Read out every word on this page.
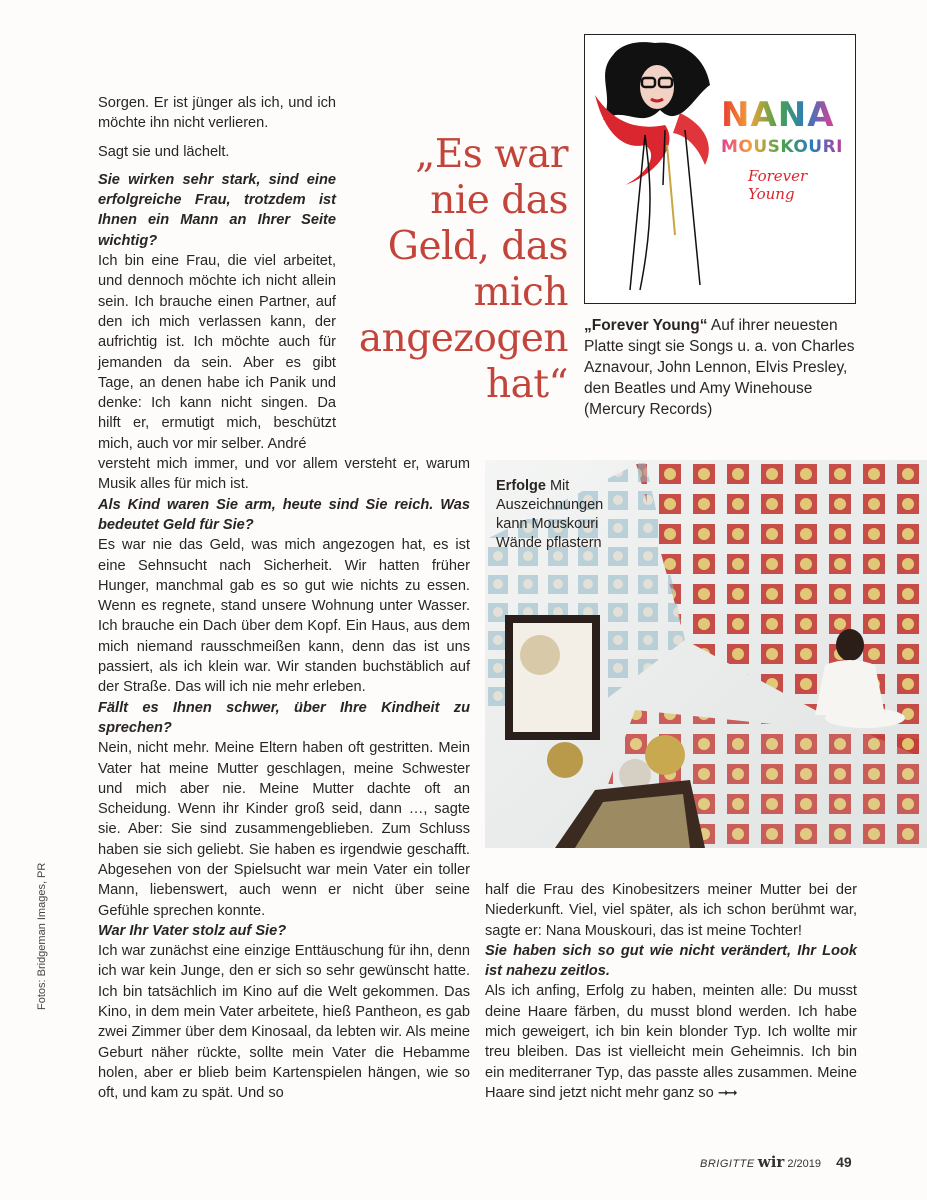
Fotos: Bridgeman Images, PR

Sorgen. Er ist jünger als ich, und ich möchte ihn nicht verlieren.

Sagt sie und lächelt.

Sie wirken sehr stark, sind eine erfolgreiche Frau, trotzdem ist Ihnen ein Mann an Ihrer Seite wichtig?

Ich bin eine Frau, die viel arbeitet, und dennoch möchte ich nicht allein sein. Ich brauche einen Partner, auf den ich mich verlassen kann, der aufrichtig ist. Ich möchte auch für jemanden da sein. Aber es gibt Tage, an denen habe ich Panik und denke: Ich kann nicht singen. Da hilft er, ermutigt mich, beschützt mich, auch vor mir selber. André

versteht mich immer, und vor allem versteht er, warum Musik alles für mich ist.

Als Kind waren Sie arm, heute sind Sie reich. Was bedeutet Geld für Sie?

Es war nie das Geld, was mich angezogen hat, es ist eine Sehnsucht nach Sicherheit. Wir hatten früher Hunger, manchmal gab es so gut wie nichts zu essen. Wenn es regnete, stand unsere Wohnung unter Wasser. Ich brauche ein Dach über dem Kopf. Ein Haus, aus dem mich niemand rausschmeißen kann, denn das ist uns passiert, als ich klein war. Wir standen buchstäblich auf der Straße. Das will ich nie mehr erleben.

Fällt es Ihnen schwer, über Ihre Kindheit zu sprechen?

Nein, nicht mehr. Meine Eltern haben oft gestritten. Mein Vater hat meine Mutter geschlagen, meine Schwester und mich aber nie. Meine Mutter dachte oft an Scheidung. Wenn ihr Kinder groß seid, dann …, sagte sie. Aber: Sie sind zusammengeblieben. Zum Schluss haben sie sich geliebt. Sie haben es irgendwie geschafft. Abgesehen von der Spielsucht war mein Vater ein toller Mann, liebenswert, auch wenn er nicht über seine Gefühle sprechen konnte.

War Ihr Vater stolz auf Sie?

Ich war zunächst eine einzige Enttäuschung für ihn, denn ich war kein Junge, den er sich so sehr gewünscht hatte. Ich bin tatsächlich im Kino auf die Welt gekommen. Das Kino, in dem mein Vater arbeitete, hieß Pantheon, es gab zwei Zimmer über dem Kinosaal, da lebten wir. Als meine Geburt näher rückte, sollte mein Vater die Hebamme holen, aber er blieb beim Kartenspielen hängen, wie so oft, und kam zu spät. Und so

„Es war
nie das
Geld, das
mich
angezogen
hat“
NANA
MOUSKOURI
Forever Young
„Forever Young“ Auf ihrer neuesten Platte singt sie Songs u. a. von Charles Aznavour, John Lennon, Elvis Presley, den Beatles und Amy Winehouse (Mercury Records)
Erfolge Mit Auszeichnungen kann Mouskouri Wände pflastern

half die Frau des Kinobesitzers meiner Mutter bei der Niederkunft. Viel, viel später, als ich schon berühmt war, sagte er: Nana Mouskouri, das ist meine Tochter!

Sie haben sich so gut wie nicht verändert, Ihr Look ist nahezu zeitlos.

Als ich anfing, Erfolg zu haben, meinten alle: Du musst deine Haare färben, du musst blond werden. Ich habe mich geweigert, ich bin kein blonder Typ. Ich wollte mir treu bleiben. Das ist vielleicht mein Geheimnis. Ich bin ein mediterraner Typ, das passte alles zusammen. Meine Haare sind jetzt nicht mehr ganz so ➞➞

BRIGITTE wir 2/2019 49
